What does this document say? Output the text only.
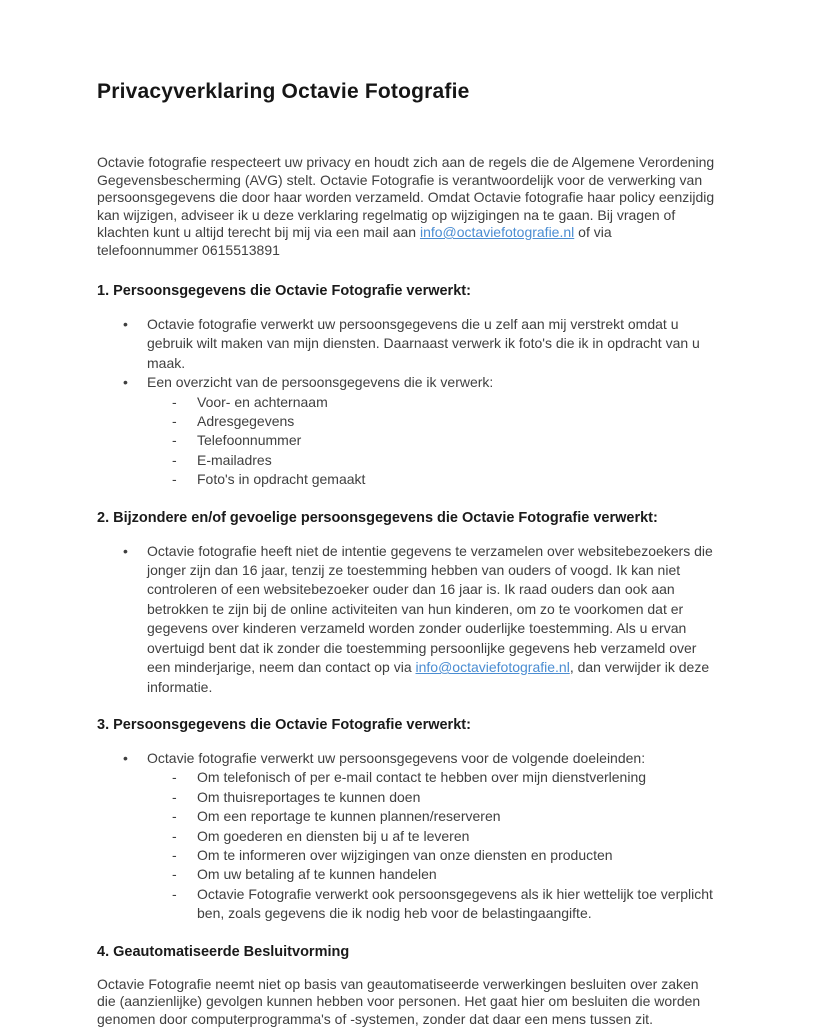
Privacyverklaring Octavie Fotografie

Octavie fotografie respecteert uw privacy en houdt zich aan de regels die de Algemene Verordening Gegevensbescherming (AVG) stelt. Octavie Fotografie is verantwoordelijk voor de verwerking van persoonsgegevens die door haar worden verzameld. Omdat Octavie fotografie haar policy eenzijdig kan wijzigen, adviseer ik u deze verklaring regelmatig op wijzigingen na te gaan. Bij vragen of klachten kunt u altijd terecht bij mij via een mail aan info@octaviefotografie.nl of via telefoonnummer 0615513891

1. Persoonsgegevens die Octavie Fotografie verwerkt:
• Octavie fotografie verwerkt uw persoonsgegevens die u zelf aan mij verstrekt omdat u gebruik wilt maken van mijn diensten. Daarnaast verwerk ik foto's die ik in opdracht van u maak.
• Een overzicht van de persoonsgegevens die ik verwerk:
- Voor- en achternaam
- Adresgegevens
- Telefoonnummer
- E-mailadres
- Foto's in opdracht gemaakt
2. Bijzondere en/of gevoelige persoonsgegevens die Octavie Fotografie verwerkt:
• Octavie fotografie heeft niet de intentie gegevens te verzamelen over websitebezoekers die jonger zijn dan 16 jaar, tenzij ze toestemming hebben van ouders of voogd. Ik kan niet controleren of een websitebezoeker ouder dan 16 jaar is. Ik raad ouders dan ook aan betrokken te zijn bij de online activiteiten van hun kinderen, om zo te voorkomen dat er gegevens over kinderen verzameld worden zonder ouderlijke toestemming. Als u ervan overtuigd bent dat ik zonder die toestemming persoonlijke gegevens heb verzameld over een minderjarige, neem dan contact op via info@octaviefotografie.nl, dan verwijder ik deze informatie.
3. Persoonsgegevens die Octavie Fotografie verwerkt:
• Octavie fotografie verwerkt uw persoonsgegevens voor de volgende doeleinden:
- Om telefonisch of per e-mail contact te hebben over mijn dienstverlening
- Om thuisreportages te kunnen doen
- Om een reportage te kunnen plannen/reserveren
- Om goederen en diensten bij u af te leveren
- Om te informeren over wijzigingen van onze diensten en producten
- Om uw betaling af te kunnen handelen
- Octavie Fotografie verwerkt ook persoonsgegevens als ik hier wettelijk toe verplicht ben, zoals gegevens die ik nodig heb voor de belastingaangifte.
4. Geautomatiseerde Besluitvorming

Octavie Fotografie neemt niet op basis van geautomatiseerde verwerkingen besluiten over zaken die (aanzienlijke) gevolgen kunnen hebben voor personen. Het gaat hier om besluiten die worden genomen door computerprogramma's of -systemen, zonder dat daar een mens tussen zit.
